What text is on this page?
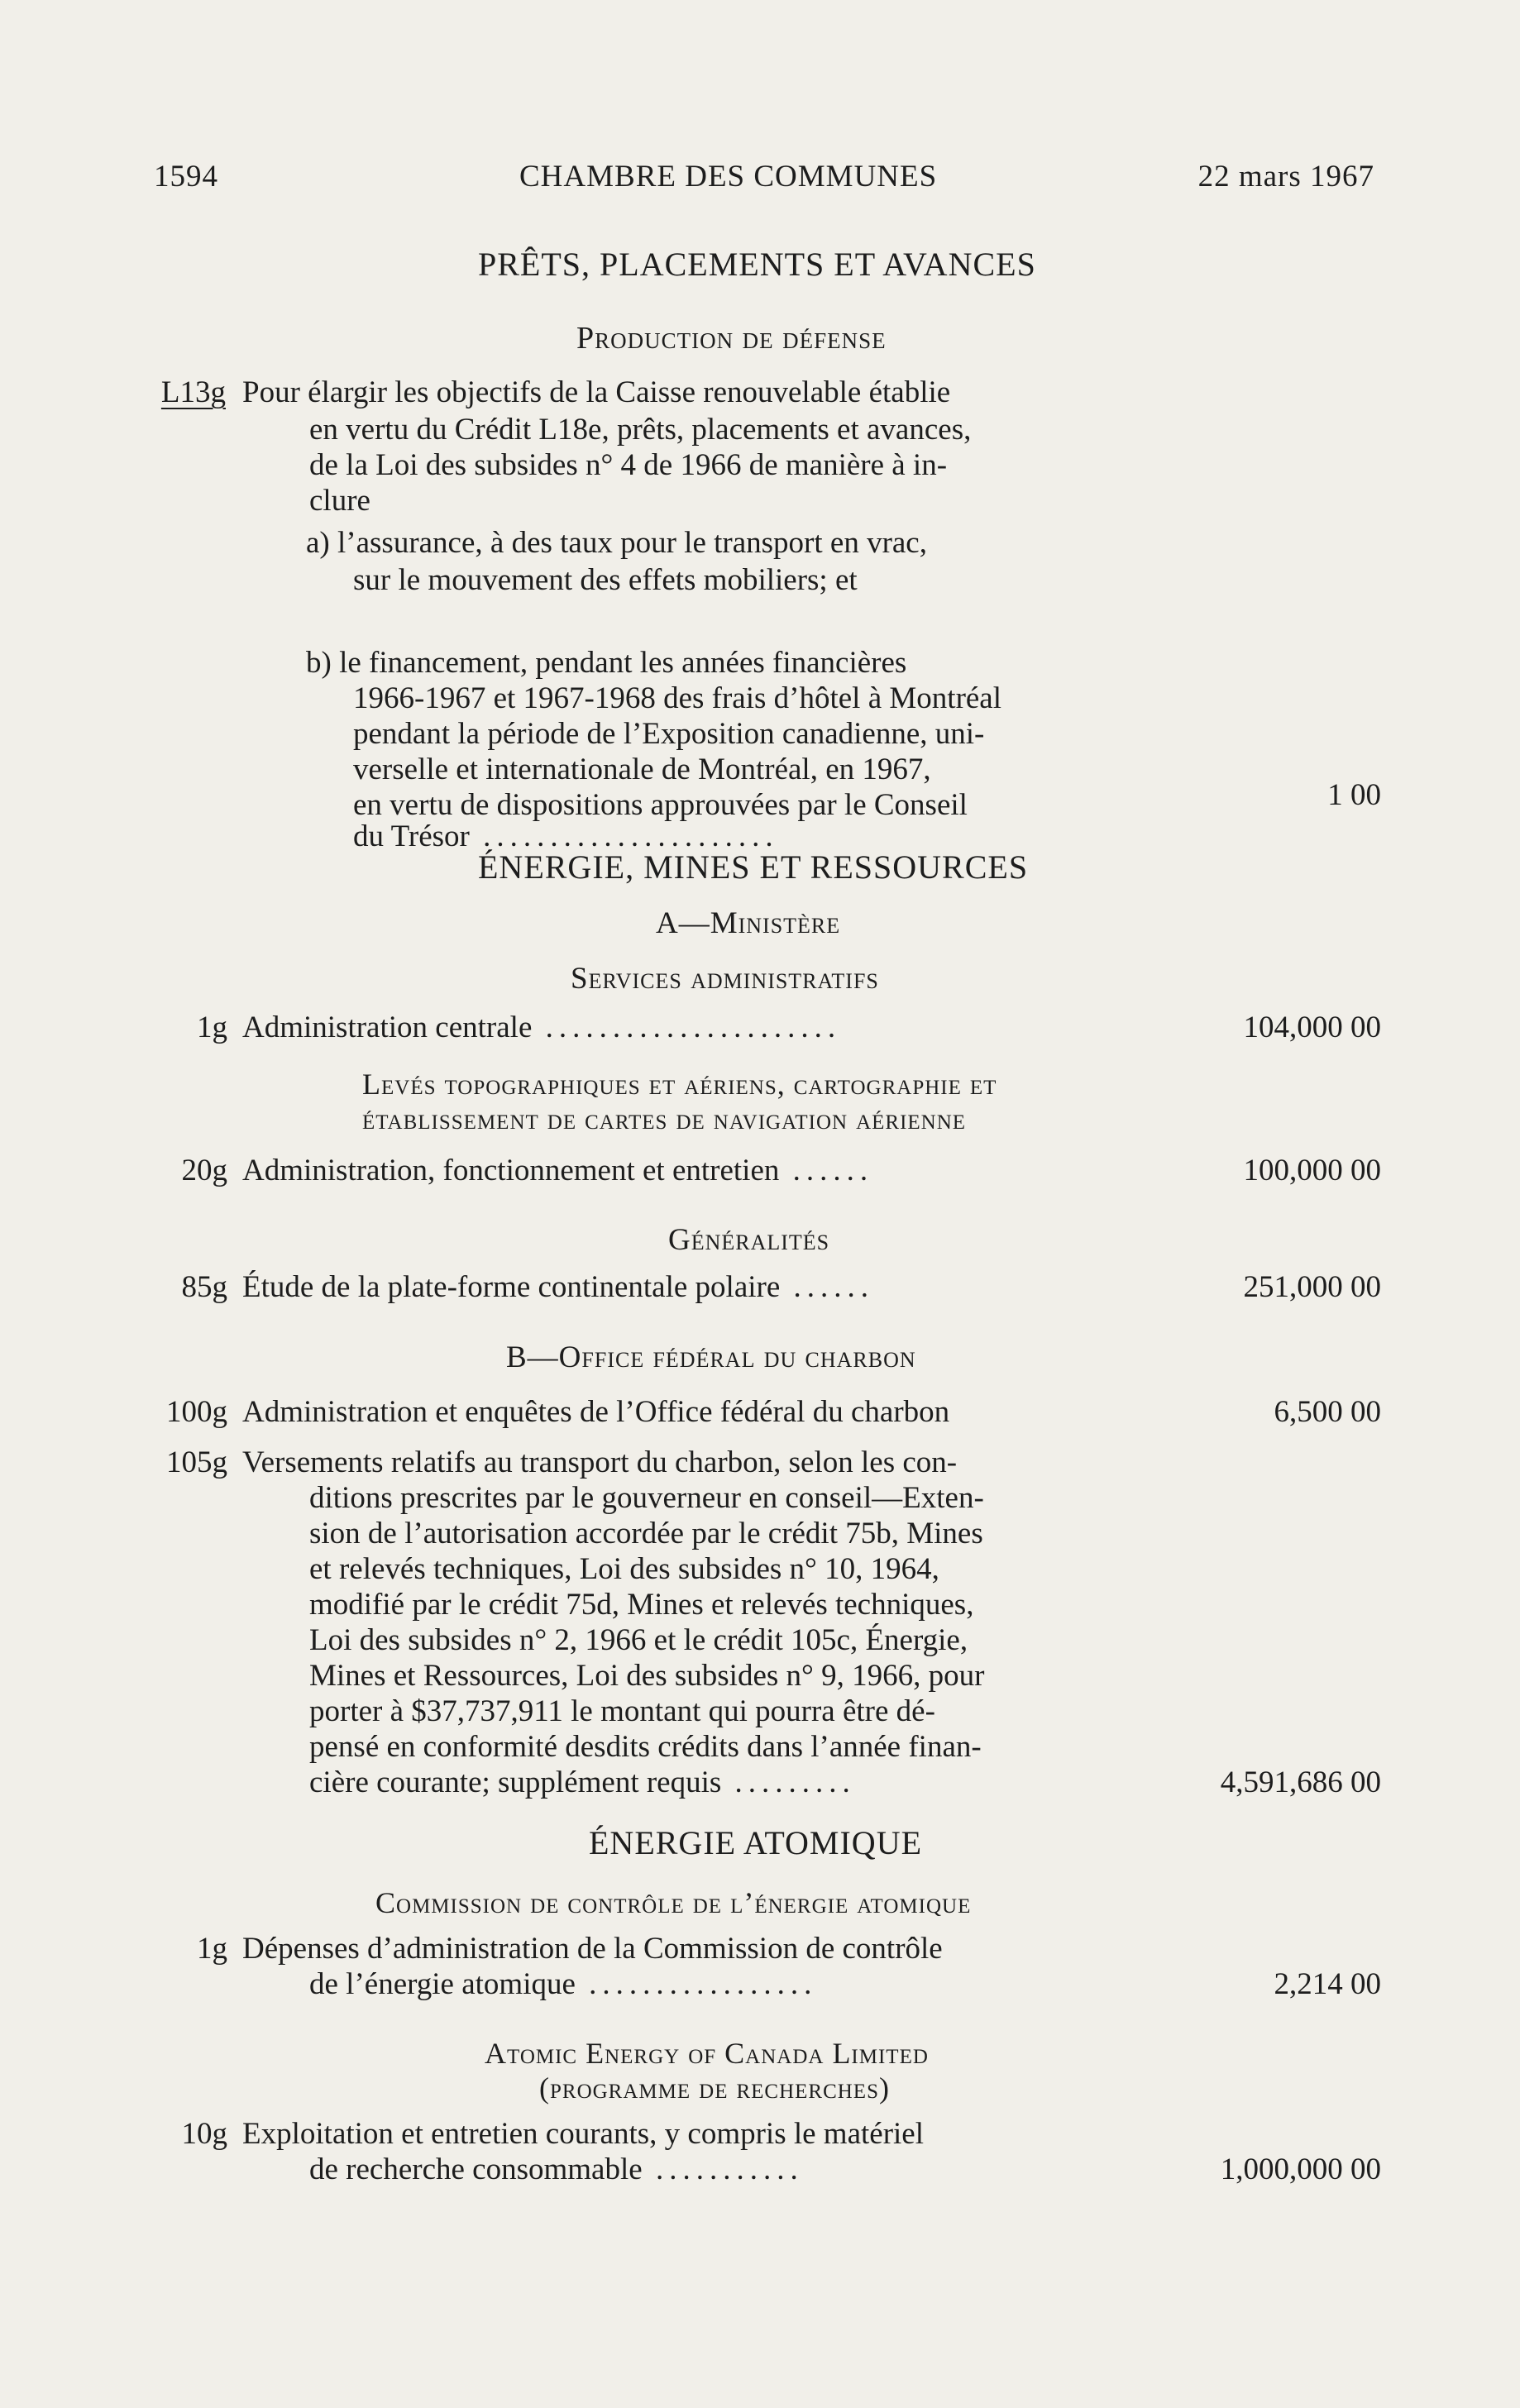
1594	CHAMBRE DES COMMUNES	22 mars 1967
PRÊTS, PLACEMENTS ET AVANCES
Production de défense
L13g Pour élargir les objectifs de la Caisse renouvelable établie
en vertu du Crédit L18e, prêts, placements et avances,
de la Loi des subsides n° 4 de 1966 de manière à in-
clure
a) l’assurance, à des taux pour le transport en vrac,
sur le mouvement des effets mobiliers; et
b) le financement, pendant les années financières
1966-1967 et 1967-1968 des frais d’hôtel à Montréal
pendant la période de l’Exposition canadienne, uni-
verselle et internationale de Montréal, en 1967,
en vertu de dispositions approuvées par le Conseil
du Trésor ......................
1 00
ÉNERGIE, MINES ET RESSOURCES
A—Ministère
Services administratifs
1g Administration centrale ......................	104,000 00
Levés topographiques et aériens, cartographie et
établissement de cartes de navigation aérienne
20g Administration, fonctionnement et entretien ......	100,000 00
Généralités
85g Étude de la plate-forme continentale polaire ......	251,000 00
B—Office fédéral du charbon
100g Administration et enquêtes de l’Office fédéral du charbon	6,500 00
105g Versements relatifs au transport du charbon, selon les con-
ditions prescrites par le gouverneur en conseil—Exten-
sion de l’autorisation accordée par le crédit 75b, Mines
et relevés techniques, Loi des subsides n° 10, 1964,
modifié par le crédit 75d, Mines et relevés techniques,
Loi des subsides n° 2, 1966 et le crédit 105c, Énergie,
Mines et Ressources, Loi des subsides n° 9, 1966, pour
porter à $37,737,911 le montant qui pourra être dé-
pensé en conformité desdits crédits dans l’année finan-
cière courante; supplément requis .........	4,591,686 00
ÉNERGIE ATOMIQUE
Commission de contrôle de l’énergie atomique
1g Dépenses d’administration de la Commission de contrôle
de l’énergie atomique .................	2,214 00
Atomic Energy of Canada Limited
(programme de recherches)
10g Exploitation et entretien courants, y compris le matériel
de recherche consommable ...........	1,000,000 00
